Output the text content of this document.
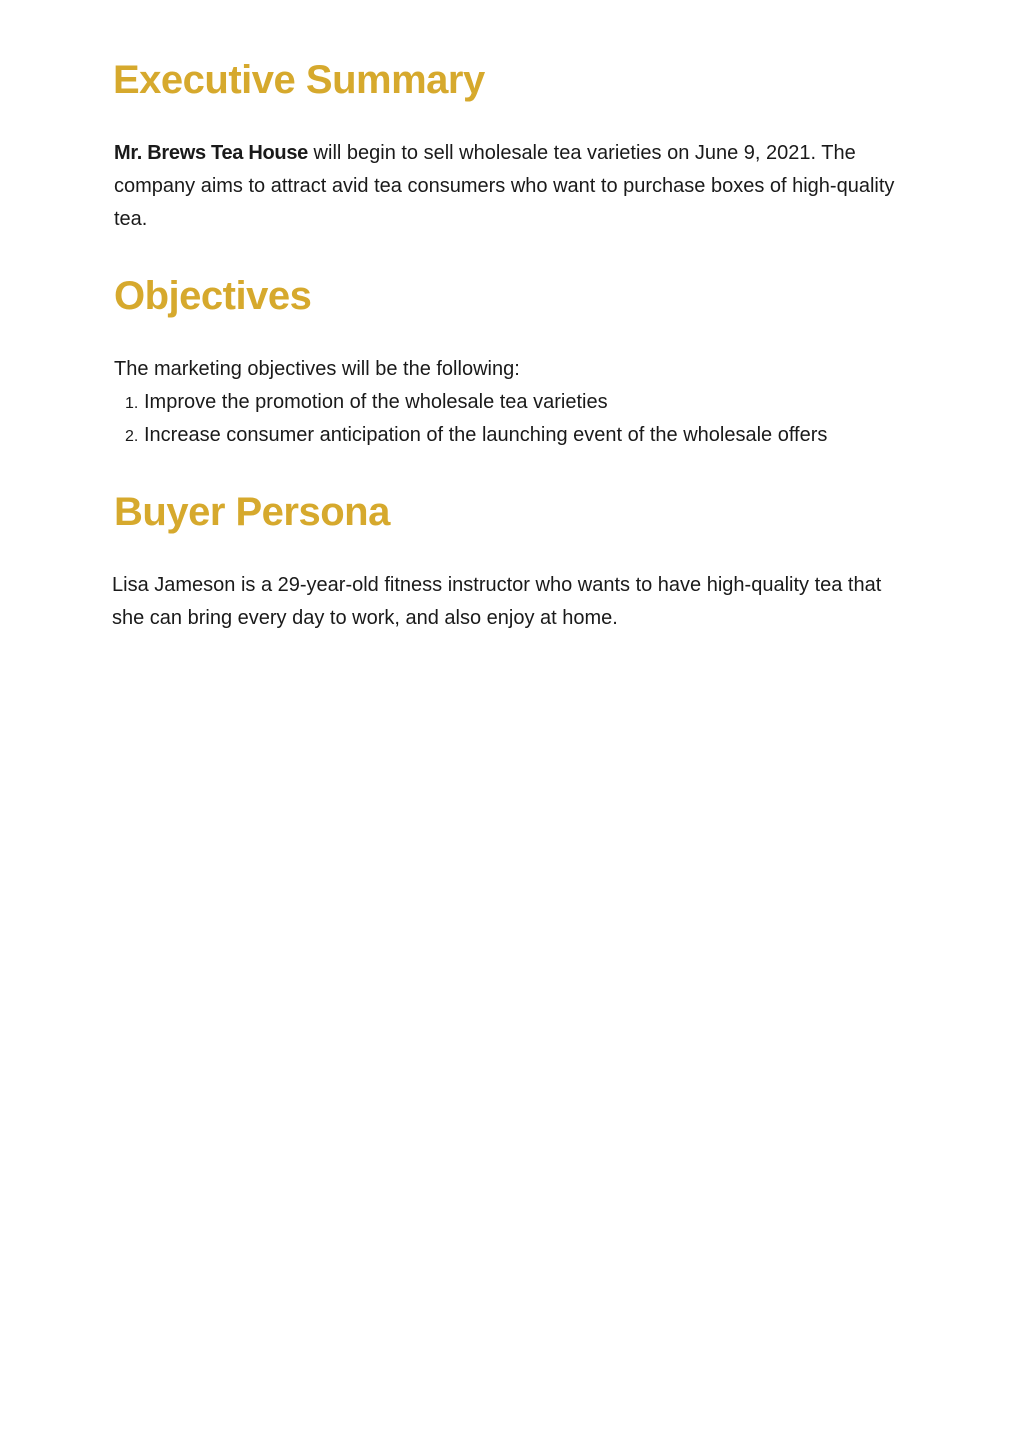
Executive Summary

Mr. Brews Tea House will begin to sell wholesale tea varieties on June 9, 2021. The company aims to attract avid tea consumers who want to purchase boxes of high-quality tea.

Objectives

The marketing objectives will be the following:

1. Improve the promotion of the wholesale tea varieties
2. Increase consumer anticipation of the launching event of the wholesale offers
Buyer Persona

Lisa Jameson is a 29-year-old fitness instructor who wants to have high-quality tea that she can bring every day to work, and also enjoy at home.
